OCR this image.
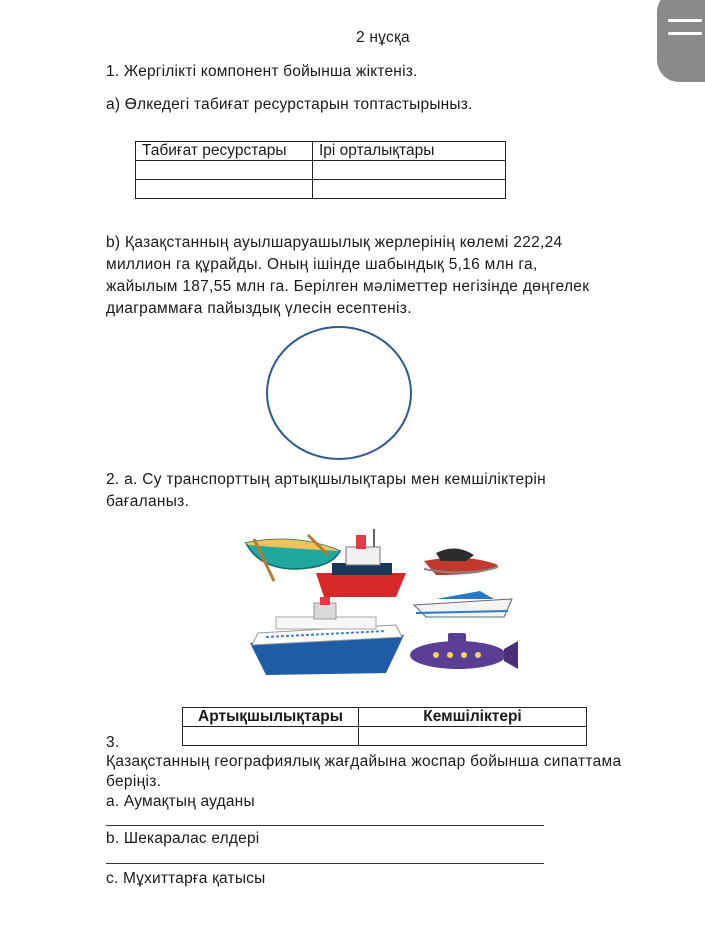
2 нұсқа
1. Жергілікті компонент бойынша жіктеніз.
а) Өлкедегі табиғат ресурстарын топтастырыныз.
Табиғат ресурстары	Ірі орталықтары

b) Қазақстанның ауылшаруашылық жерлерінің көлемі 222,24
миллион га құрайды. Оның ішінде шабындық 5,16 млн га,
жайылым 187,55 млн га. Берілген мәліметтер негізінде дөңгелек
диаграммаға пайыздық үлесін есептеніз.
2. а. Су транспорттың артықшылықтары мен кемшіліктерін
бағаланыз.
Артықшылықтары	Кемшіліктері

3.
Қазақстанның географиялық жағдайына жоспар бойынша сипаттама
беріңіз.
а. Аумақтың ауданы
b. Шекаралас елдері
с. Мұхиттарға қатысы
